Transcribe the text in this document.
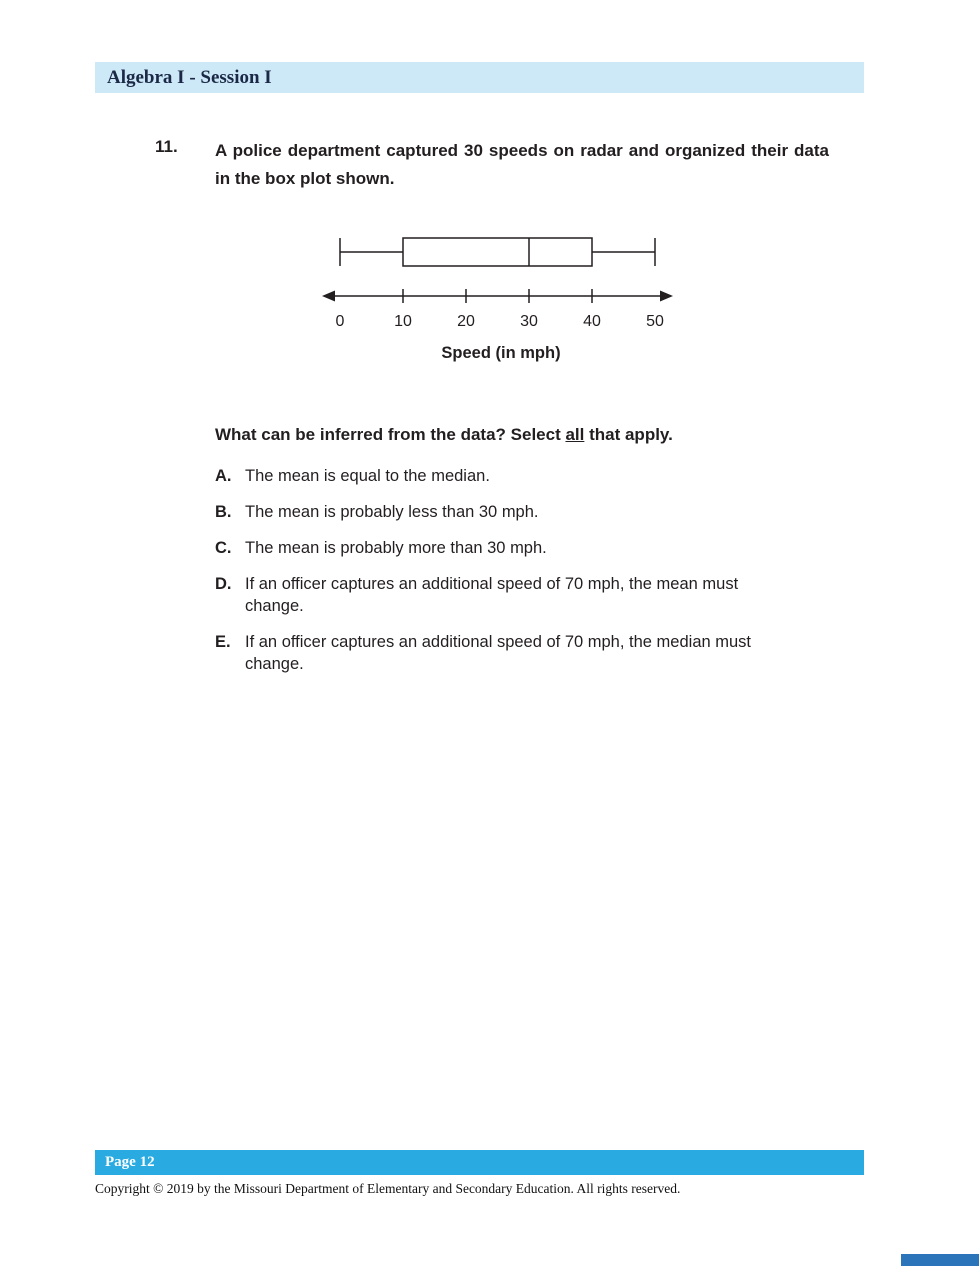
Algebra I - Session I
11. A police department captured 30 speeds on radar and organized their data in the box plot shown.
0	10	20	30	40	50
Speed (in mph)
What can be inferred from the data? Select all that apply.
A. The mean is equal to the median.
B. The mean is probably less than 30 mph.
C. The mean is probably more than 30 mph.
D. If an officer captures an additional speed of 70 mph, the mean must change.
E. If an officer captures an additional speed of 70 mph, the median must change.
Page 12
Copyright © 2019 by the Missouri Department of Elementary and Secondary Education. All rights reserved.
